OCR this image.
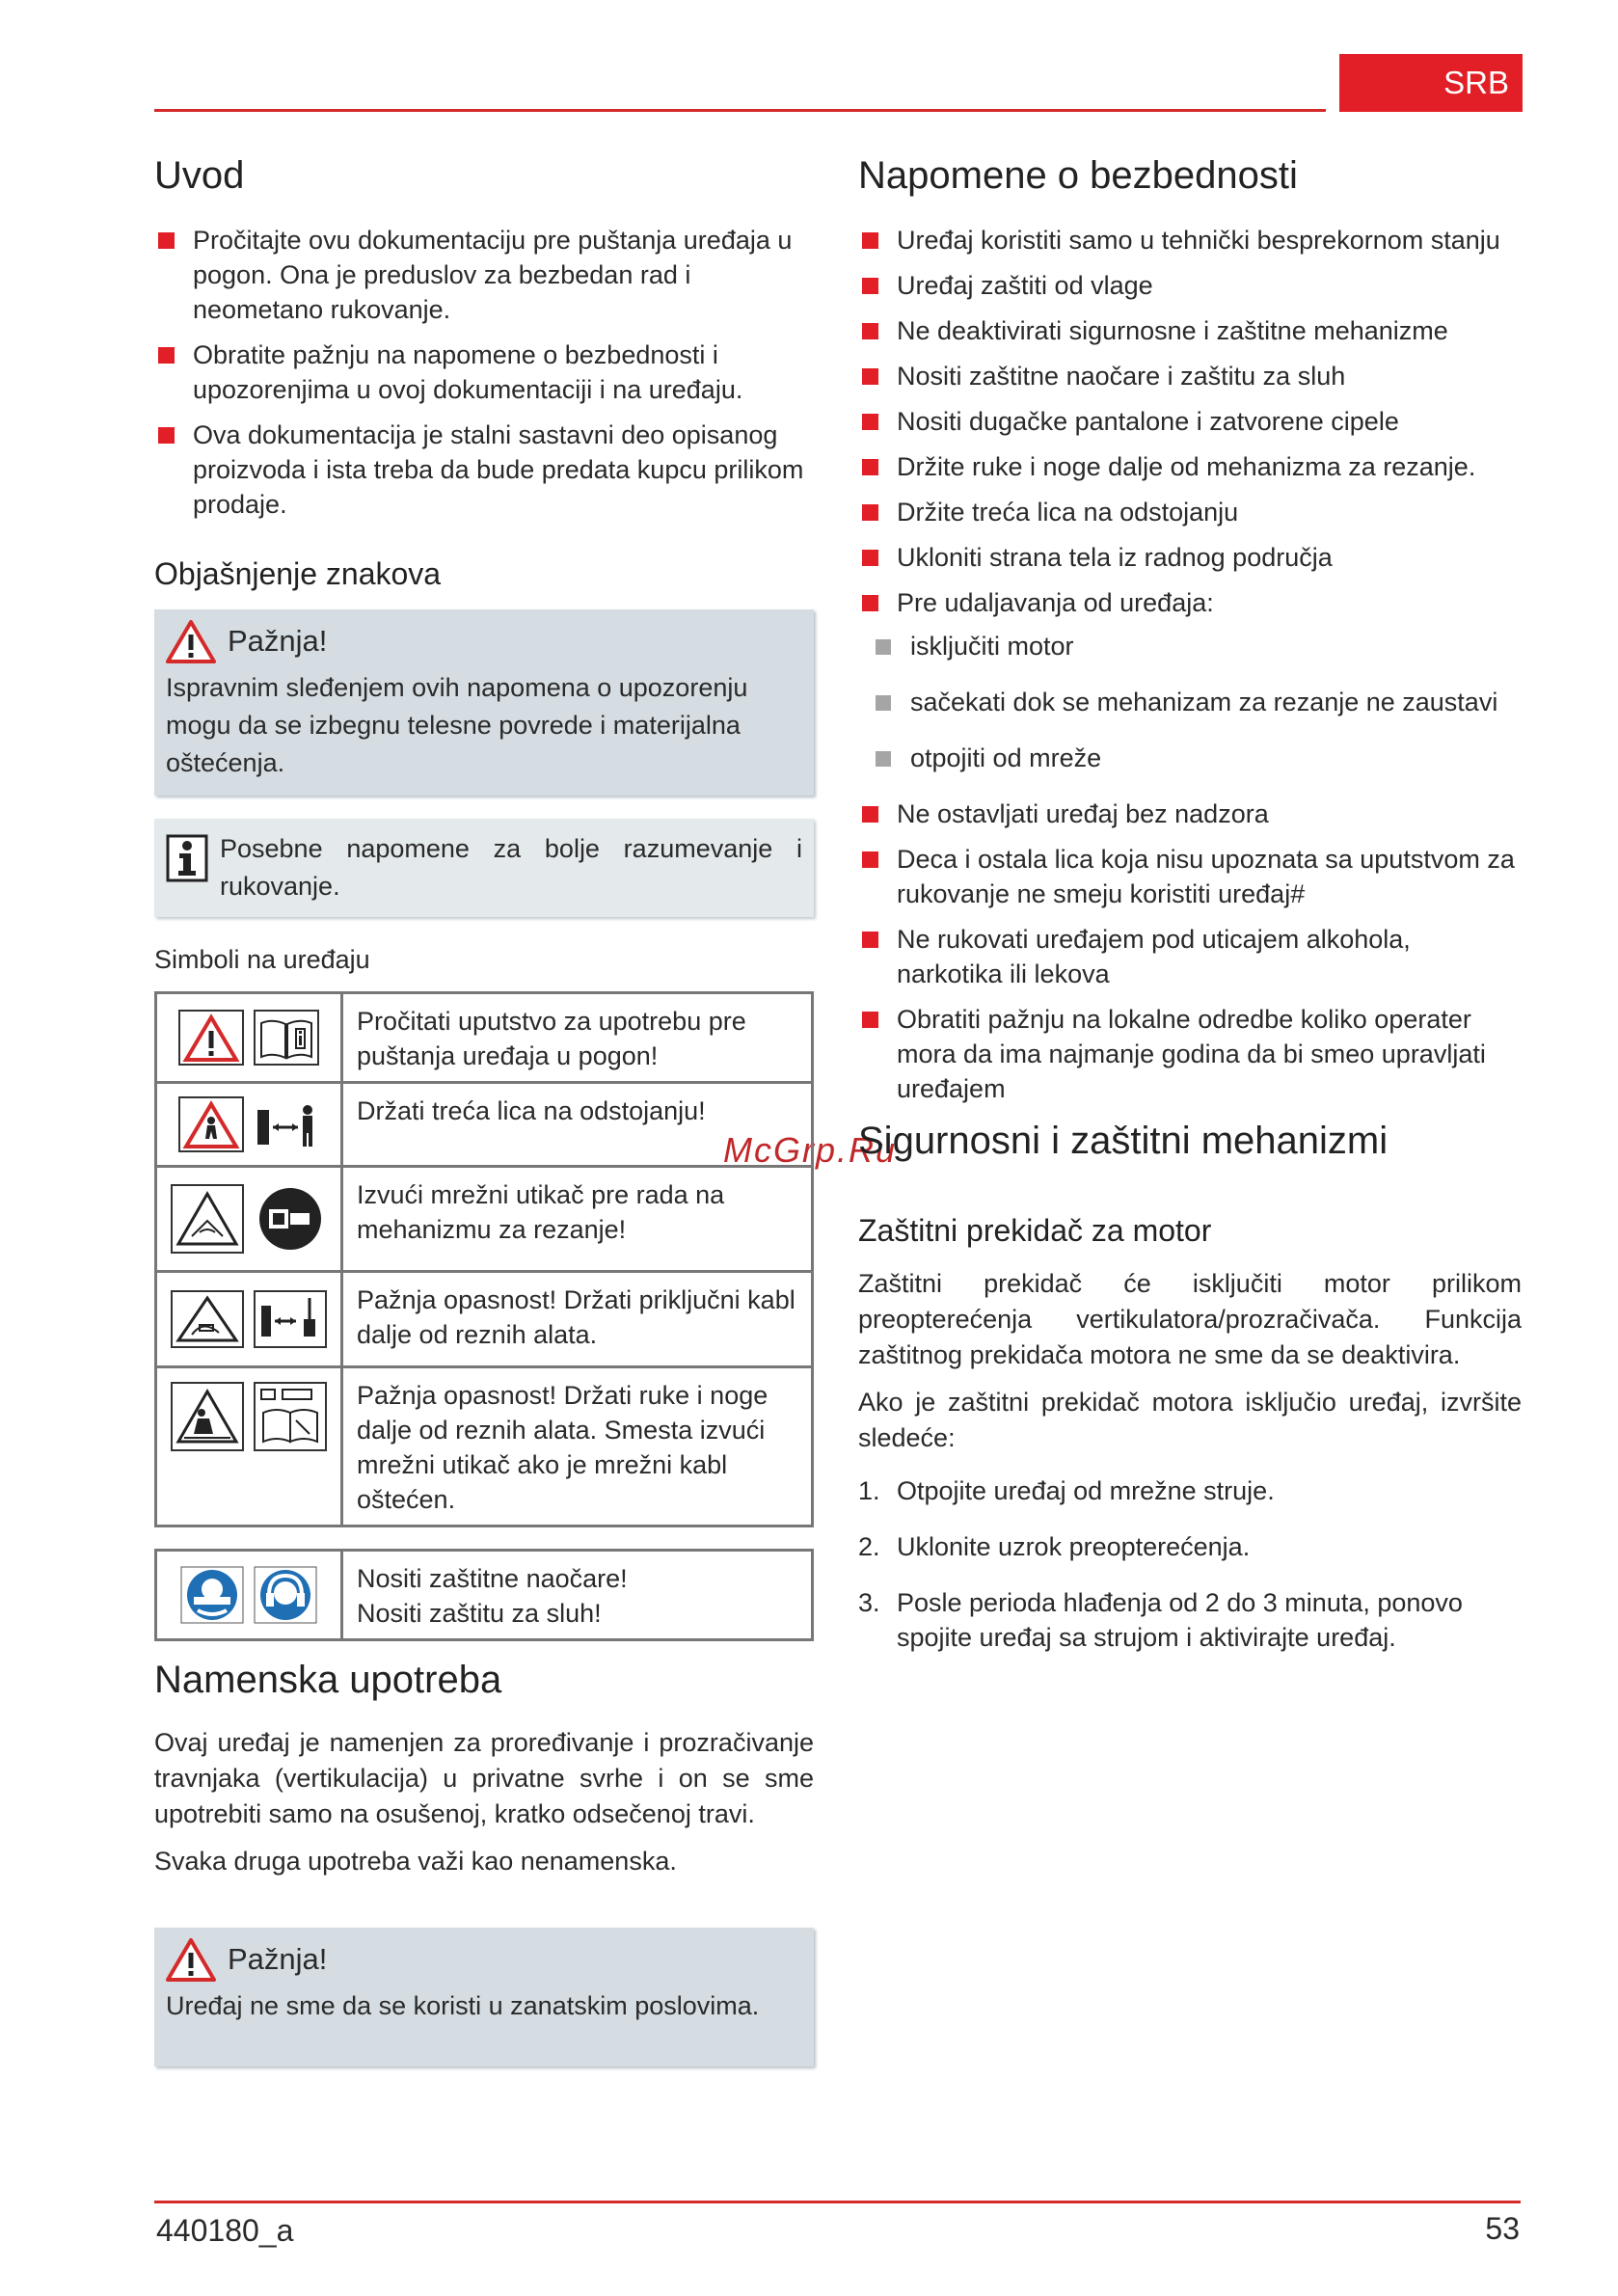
SRB
440180_a	53
McGrp.Ru
Uvod
Pročitajte ovu dokumentaciju pre puštanja uređaja u pogon. Ona je preduslov za bezbedan rad i neometano rukovanje.
Obratite pažnju na napomene o bezbednosti i upozorenjima u ovoj dokumentaciji i na uređaju.
Ova dokumentacija je stalni sastavni deo opisanog proizvoda i ista treba da bude predata kupcu prilikom prodaje.
Objašnjenje znakova
Pažnja!
Ispravnim sleđenjem ovih napomena o upozorenju mogu da se izbegnu telesne povrede i materijalna oštećenja.
Posebne napomene za bolje razumevanje i rukovanje.

Simboli na uređaju

	Pročitati uputstvo za upotrebu pre puštanja uređaja u pogon!
	Držati treća lica na odstojanju!
	Izvući mrežni utikač pre rada na mehanizmu za rezanje!
	Pažnja opasnost! Držati priključni kabl dalje od reznih alata.
	Pažnja opasnost! Držati ruke i noge dalje od reznih alata. Smesta izvući mrežni utikač ako je mrežni kabl oštećen.

Nositi zaštitne naočare!
Nositi zaštitu za sluh!
Namenska upotreba

Ovaj uređaj je namenjen za proređivanje i prozračivanje travnjaka (vertikulacija) u privatne svrhe i on se sme upotrebiti samo na osušenoj, kratko odsečenoj travi.

Svaka druga upotreba važi kao nenamenska.

Pažnja!
Uređaj ne sme da se koristi u zanatskim poslovima.
Napomene o bezbednosti
Uređaj koristiti samo u tehnički besprekornom stanju
Uređaj zaštiti od vlage
Ne deaktivirati sigurnosne i zaštitne mehanizme
Nositi zaštitne naočare i zaštitu za sluh
Nositi dugačke pantalone i zatvorene cipele
Držite ruke i noge dalje od mehanizma za rezanje.
Držite treća lica na odstojanju
Ukloniti strana tela iz radnog područja
Pre udaljavanja od uređaja:
isključiti motor
sačekati dok se mehanizam za rezanje ne zaustavi
otpojiti od mreže
Ne ostavljati uređaj bez nadzora
Deca i ostala lica koja nisu upoznata sa uputstvom za rukovanje ne smeju koristiti uređaj#
Ne rukovati uređajem pod uticajem alkohola, narkotika ili lekova
Obratiti pažnju na lokalne odredbe koliko operater mora da ima najmanje godina da bi smeo upravljati uređajem
Sigurnosni i zaštitni mehanizmi
Zaštitni prekidač za motor

Zaštitni prekidač će isključiti motor prilikom preopterećenja vertikulatora/prozračivača. Funkcija zaštitnog prekidača motora ne sme da se deaktivira.

Ako je zaštitni prekidač motora isključio uređaj, izvršite sledeće:

1. Otpojite uređaj od mrežne struje.
2. Uklonite uzrok preopterećenja.
3. Posle perioda hlađenja od 2 do 3 minuta, ponovo spojite uređaj sa strujom i aktivirajte uređaj.
